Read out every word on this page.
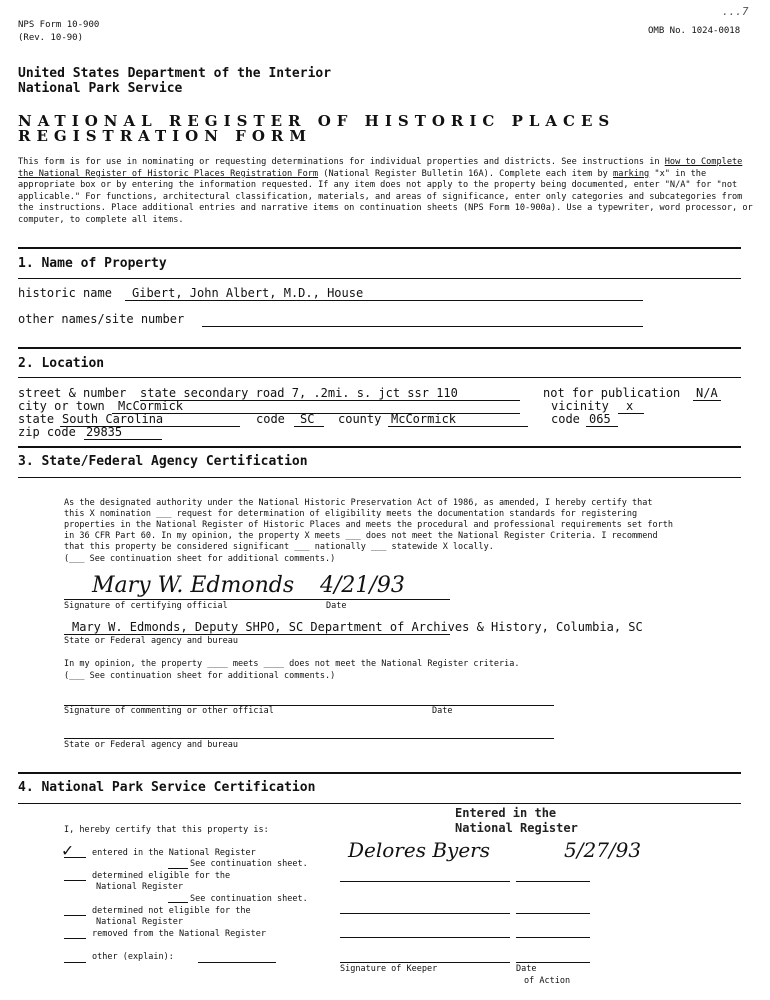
NPS Form 10-900
(Rev. 10-90)
OMB No. 1024-0018
...7
United States Department of the Interior
National Park Service
NATIONAL REGISTER OF HISTORIC PLACES
REGISTRATION FORM
This form is for use in nominating or requesting determinations for individual properties and districts. See instructions in How to Complete the National Register of Historic Places Registration Form (National Register Bulletin 16A). Complete each item by marking "x" in the appropriate box or by entering the information requested. If any item does not apply to the property being documented, enter "N/A" for "not applicable." For functions, architectural classification, materials, and areas of significance, enter only categories and subcategories from the instructions. Place additional entries and narrative items on continuation sheets (NPS Form 10-900a). Use a typewriter, word processor, or computer, to complete all items.
1. Name of Property
historic name Gibert, John Albert, M.D., House
other names/site number
2. Location
street & number state secondary road 7, .2mi. s. jct ssr 110	not for publication N/A
city or town McCormick	vicinity x
state South Carolina	code SC county McCormick	code 065
zip code 29835
3. State/Federal Agency Certification
As the designated authority under the National Historic Preservation Act of 1986, as amended, I hereby certify that
this X nomination ___ request for determination of eligibility meets the documentation standards for registering
properties in the National Register of Historic Places and meets the procedural and professional requirements set forth
in 36 CFR Part 60. In my opinion, the property X meets ___ does not meet the National Register Criteria. I recommend
that this property be considered significant ___ nationally ___ statewide X locally.
(___ See continuation sheet for additional comments.)
Mary W. Edmonds 4/21/93
Signature of certifying official	Date
Mary W. Edmonds, Deputy SHPO, SC Department of Archives & History, Columbia, SC
State or Federal agency and bureau
In my opinion, the property ____ meets ____ does not meet the National Register criteria.
(___ See continuation sheet for additional comments.)
Signature of commenting or other official	Date
State or Federal agency and bureau
4. National Park Service Certification
Entered in the
National Register
I, hereby certify that this property is:
✓ entered in the National Register
See continuation sheet.
determined eligible for the
National Register
See continuation sheet.
determined not eligible for the
National Register
removed from the National Register
other (explain):
Delores Byers	5/27/93
Signature of Keeper	Date
of Action
